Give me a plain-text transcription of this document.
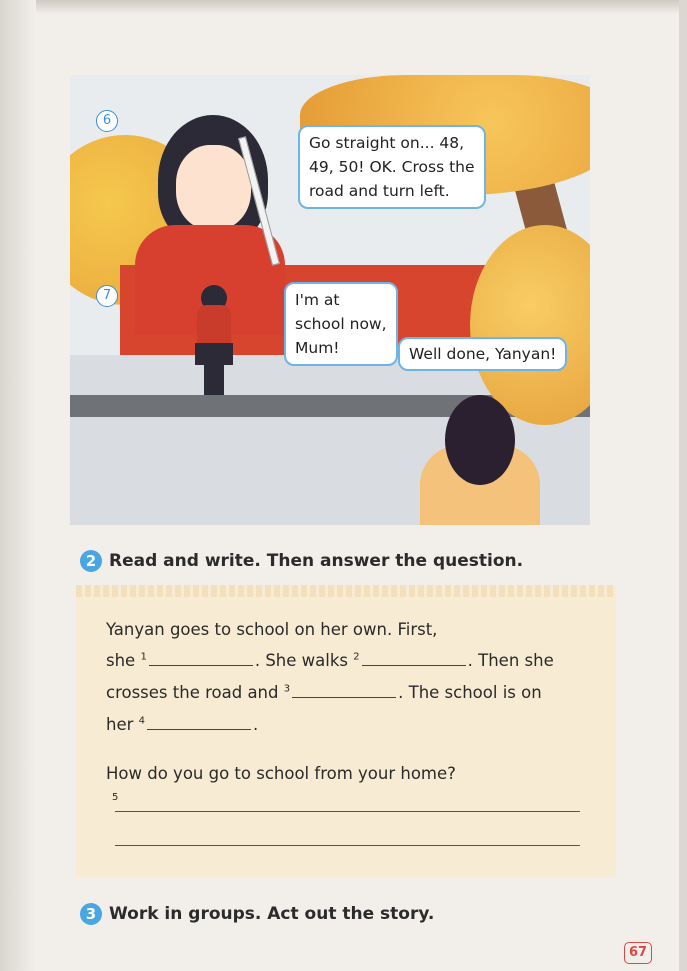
6
7
Go straight on... 48, 49, 50! OK. Cross the road and turn left.
I'm at school now, Mum!	Well done, Yanyan!
2 Read and write. Then answer the question.
Yanyan goes to school on her own. First,
she $^1$	. She walks $^2$	. Then she
crosses the road and $^3$	. The school is on
her $^4$	.
How do you go to school from your home?
5
3 Work in groups. Act out the story.
67
